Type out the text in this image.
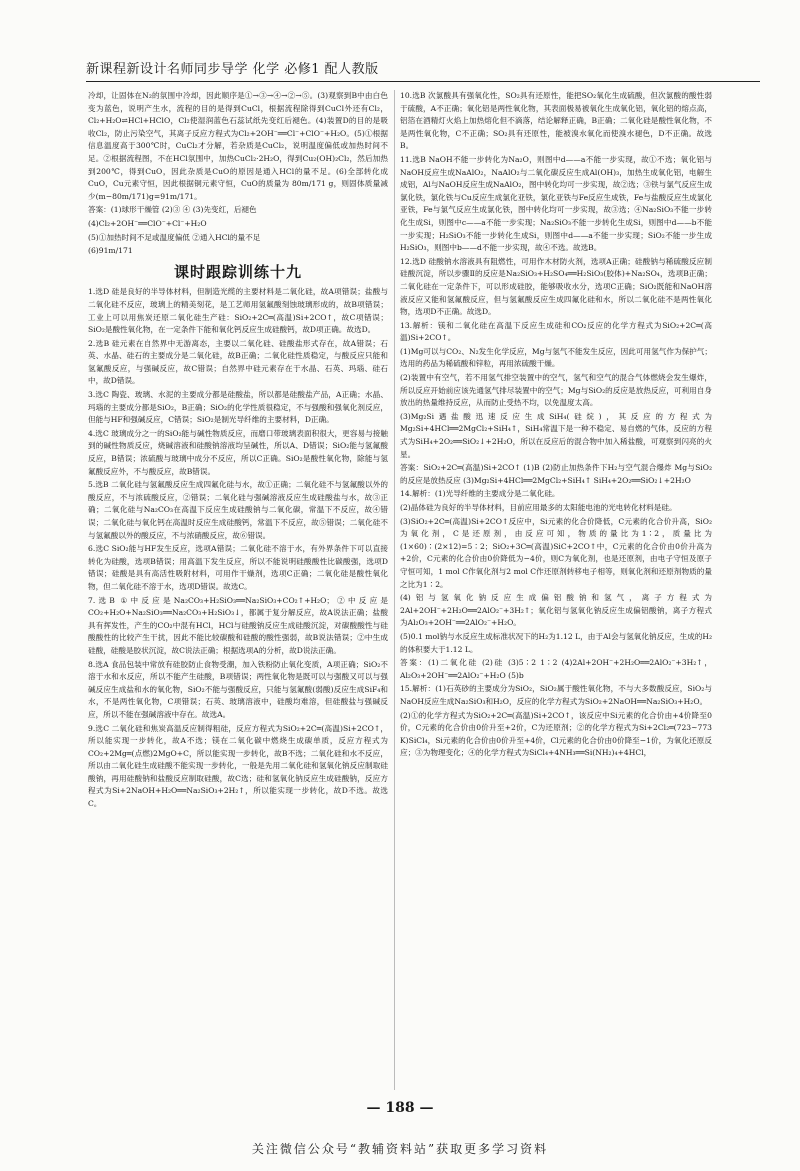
新课程新设计名师同步导学 化学 必修1 配人教版

冷却，让固体在N₂的氛围中冷却，因此顺序是①→③→④→②→⑤。(3)观察到B中由白色变为蓝色，说明产生水，流程的目的是得到CuCl，根据流程除得到CuCl外还有Cl₂，Cl₂+H₂O⇌HCl+HClO，Cl₂使湿润蓝色石蕊试纸先变红后褪色。(4)装置D的目的是吸收Cl₂，防止污染空气，其离子反应方程式为Cl₂+2OH⁻══Cl⁻+ClO⁻+H₂O。(5)①根据信息温度高于300℃时，CuCl₂才分解，若杂质是CuCl₂，说明温度偏低或加热时间不足。②根据流程图，不在HCl氛围中，加热CuCl₂·2H₂O，得到Cu₂(OH)₂Cl₂，然后加热到200℃，得到CuO，因此杂质是CuO的原因是通入HCl的量不足。(6)全部转化成CuO，Cu元素守恒，因此根据铜元素守恒，CuO的质量为 80m/171 g，则固体质量减少(m−80m/171)g=91m/171。

答案：(1)球形干燥管 (2)③ ④ (3)先变红，后褪色

(4)Cl₂+2OH⁻══ClO⁻+Cl⁻+H₂O

(5)①加热时间不足或温度偏低 ②通入HCl的量不足

(6)91m/171

课时跟踪训练十九

1.选D 硅是良好的半导体材料，但制造光缆的主要材料是二氧化硅，故A项错误；盐酸与二氧化硅不反应，玻璃上的精美刻花，是工艺师用氢氟酸刻蚀玻璃形成的，故B项错误；工业上可以用焦炭还原二氧化硅生产硅：SiO₂+2C═(高温)Si+2CO↑，故C项错误；SiO₂是酸性氧化物，在一定条件下能和氧化钙反应生成硅酸钙，故D项正确。故选D。

2.选B 硅元素在自然界中无游离态，主要以二氧化硅、硅酸盐形式存在，故A错误；石英、水晶、硅石的主要成分是二氧化硅，故B正确；二氧化硅性质稳定，与酸反应只能和氢氟酸反应，与强碱反应，故C错误；自然界中硅元素存在于水晶、石英、玛瑙、硅石中，故D错误。

3.选C 陶瓷、玻璃、水泥的主要成分都是硅酸盐，所以都是硅酸盐产品，A正确；水晶、玛瑙的主要成分都是SiO₂，B正确；SiO₂的化学性质很稳定，不与强酸和强氧化剂反应，但能与HF和强碱反应，C错误；SiO₂是制光导纤维的主要材料，D正确。

4.选C 玻璃成分之一的SiO₂能与碱性物质反应，而磨口带玻璃表面积很大，更容易与接触到的碱性物质反应，烧碱溶液和硅酸钠溶液均呈碱性，所以A、D错误；SiO₂能与氢氟酸反应，B错误；浓硫酸与玻璃中成分不反应，所以C正确。SiO₂是酸性氧化物，除能与氢氟酸反应外，不与酸反应，故B错误。

5.选B 二氧化硅与氢氟酸反应生成四氟化硅与水，故①正确；二氧化硅不与氢氟酸以外的酸反应，不与浓硫酸反应，②错误；二氧化硅与强碱溶液反应生成硅酸盐与水，故③正确；二氧化硅与Na₂CO₃在高温下反应生成硅酸钠与二氧化碳，常温下不反应，故④错误；二氧化硅与氧化钙在高温时反应生成硅酸钙，常温下不反应，故⑤错误；二氧化硅不与氢氟酸以外的酸反应，不与浓硝酸反应，故⑥错误。

6.选C SiO₂能与HF发生反应，选项A错误；二氧化硅不溶于水，有外界条件下可以直接转化为硅酸，选项B错误；用高温下发生反应，所以不能说明硅酸酸性比碳酸强，选项D错误；硅酸是具有高活性吸附材料，可用作干燥剂，选项C正确；二氧化硅是酸性氧化物，但二氧化硅不溶于水，选项D错误。故选C。

7.选B ①中反应是Na₂CO₃+H₂SiO₃══Na₂SiO₃+CO₂↑+H₂O；②中反应是CO₂+H₂O+Na₂SiO₃══Na₂CO₃+H₂SiO₃↓，都属于复分解反应，故A说法正确；盐酸具有挥发性，产生的CO₂中混有HCl，HCl与硅酸钠反应生成硅酸沉淀，对碳酸酸性与硅酸酸性的比较产生干扰，因此不能比较碳酸和硅酸的酸性强弱，故B说法错误；②中生成硅酸，硅酸是胶状沉淀，故C说法正确；根据选项A的分析，故D说法正确。

8.选A 食品包装中常放有硅胶防止食物受潮，加入铁粉防止氧化变质，A项正确；SiO₂不溶于水和水反应，所以不能产生硅酸，B项错误；两性氧化物是既可以与强酸又可以与强碱反应生成盐和水的氧化物，SiO₂不能与强酸反应，只能与氢氟酸(弱酸)反应生成SiF₄和水，不是两性氧化物，C项错误；石英、玻璃溶液中，硅酸均难溶，但硅酸盐与强碱反应，所以不能在强碱溶液中存在。故选A。

9.选C 二氧化硅和焦炭高温反应制得粗硅，反应方程式为SiO₂+2C═(高温)Si+2CO↑，所以能实现一步转化，故A不选；镁在二氧化碳中燃烧生成碳单质，反应方程式为CO₂+2Mg═(点燃)2MgO+C，所以能实现一步转化，故B不选；二氧化硅和水不反应，所以由二氧化硅生成硅酸不能实现一步转化，一般是先用二氧化硅和氢氧化钠反应制取硅酸钠，再用硅酸钠和盐酸反应制取硅酸，故C选；硅和氢氧化钠反应生成硅酸钠，反应方程式为Si+2NaOH+H₂O══Na₂SiO₃+2H₂↑，所以能实现一步转化，故D不选。故选C。

10.选B 次氯酸具有强氧化性，SO₂具有还原性，能把SO₂氧化生成硫酸，但次氯酸的酸性弱于硫酸，A不正确；氧化铝是两性氧化物，其表面极易被氧化生成氧化铝，氧化铝的熔点高，铝箔在酒精灯火焰上加热熔化但不滴落，结论解释正确，B正确；二氧化硅是酸性氧化物，不是两性氧化物，C不正确；SO₂具有还原性，能被溴水氧化而使溴水褪色，D不正确。故选B。

11.选B NaOH不能一步转化为Na₂O，则图中d——a不能一步实现，故①不选；氧化铝与NaOH反应生成NaAlO₂，NaAlO₂与二氧化碳反应生成Al(OH)₃，加热生成氧化铝，电解生成铝，Al与NaOH反应生成NaAlO₂，图中转化均可一步实现，故②选；③铁与氯气反应生成氯化铁，氯化铁与Cu反应生成氯化亚铁，氯化亚铁与Fe反应生成铁，Fe与盐酸反应生成氯化亚铁，Fe与氯气反应生成氯化铁，图中转化均可一步实现，故③选；④Na₂SiO₃不能一步转化生成Si，则图中c——a不能一步实现；Na₂SiO₃不能一步转化生成Si，则图中d——b不能一步实现；H₂SiO₃不能一步转化生成Si，则图中d——a不能一步实现；SiO₂不能一步生成H₂SiO₃，则图中b——d不能一步实现，故④不选。故选B。

12.选D 硅酸钠水溶液具有阻燃性，可用作木材防火剂，选项A正确；硅酸钠与稀硫酸反应制硅酸沉淀，所以步骤Ⅱ的反应是Na₂SiO₃+H₂SO₄══H₂SiO₃(胶体)+Na₂SO₄，选项B正确；二氧化硅在一定条件下，可以形成硅胶，能够吸收水分，选项C正确；SiO₂既能和NaOH溶液反应又能和氢氟酸反应，但与氢氟酸反应生成四氟化硅和水，所以二氧化硅不是两性氧化物，选项D不正确。故选D。

13.解析：镁和二氧化硅在高温下反应生成硅和CO₂反应的化学方程式为SiO₂+2C═(高温)Si+2CO↑。

(1)Mg可以与CO₂、N₂发生化学反应，Mg与氢气不能发生反应，因此可用氢气作为保护气；选用的药品为稀硫酸和锌粒，再用浓硫酸干燥。

(2)装置中有空气，若不用氢气排空装置中的空气，氢气和空气的混合气体燃烧会发生爆炸，所以反应开始前应该先通氢气排尽装置中的空气；Mg与SiO₂的反应是放热反应，可利用自身放出的热量维持反应，从而防止受热不均，以免温度太高。

(3)Mg₂Si遇盐酸迅速反应生成SiH₄(硅烷)，其反应的方程式为Mg₂Si+4HCl══2MgCl₂+SiH₄↑，SiH₄常温下是一种不稳定、易自燃的气体，反应的方程式为SiH₄+2O₂══SiO₂↓+2H₂O，所以在反应后的混合物中加入稀盐酸，可观察到闪亮的火星。

答案：SiO₂+2C═(高温)Si+2CO↑ (1)B (2)防止加热条件下H₂与空气混合爆炸 Mg与SiO₂的反应是放热反应 (3)Mg₂Si+4HCl══2MgCl₂+SiH₄↑ SiH₄+2O₂══SiO₂↓+2H₂O

14.解析：(1)光导纤维的主要成分是二氧化硅。

(2)晶体硅为良好的半导体材料，目前应用最多的太阳能电池的光电转化材料是硅。

(3)SiO₂+2C═(高温)Si+2CO↑反应中，Si元素的化合价降低，C元素的化合价升高，SiO₂为氧化剂，C是还原剂，由反应可知，物质的量比为1∶2，质量比为(1×60)∶(2×12)=5∶2；SiO₂+3C═(高温)SiC+2CO↑中，C元素的化合价由0价升高为+2价，C元素的化合价由0价降低为−4价，则C为氧化剂，也是还原剂，由电子守恒及原子守恒可知，1 mol C作氧化剂与2 mol C作还原剂转移电子相等，则氧化剂和还原剂物质的量之比为1∶2。

(4)铝与氢氧化钠反应生成偏铝酸钠和氢气，离子方程式为2Al+2OH⁻+2H₂O══2AlO₂⁻+3H₂↑；氧化铝与氢氧化钠反应生成偏铝酸钠，离子方程式为Al₂O₃+2OH⁻══2AlO₂⁻+H₂O。

(5)0.1 mol钠与水反应生成标准状况下的H₂为1.12 L，由于Al会与氢氧化钠反应，生成的H₂的体积要大于1.12 L。

答案：(1)二氧化硅 (2)硅 (3)5∶2 1∶2 (4)2Al+2OH⁻+2H₂O══2AlO₂⁻+3H₂↑，Al₂O₃+2OH⁻══2AlO₂⁻+H₂O (5)b

15.解析：(1)石英砂的主要成分为SiO₂，SiO₂属于酸性氧化物，不与大多数酸反应，SiO₂与NaOH反应生成Na₂SiO₃和H₂O，反应的化学方程式为SiO₂+2NaOH══Na₂SiO₃+H₂O。

(2)①的化学方程式为SiO₂+2C═(高温)Si+2CO↑，该反应中Si元素的化合价由+4价降至0价，C元素的化合价由0价升至+2价，C为还原剂；②的化学方程式为Si+2Cl₂═(723~773 K)SiCl₄，Si元素的化合价由0价升至+4价，Cl元素的化合价由0价降至−1价，为氧化还原反应；③为物理变化；④的化学方程式为SiCl₄+4NH₃══Si(NH₂)₄+4HCl，

— 188 —
关注微信公众号“教辅资料站”获取更多学习资料
